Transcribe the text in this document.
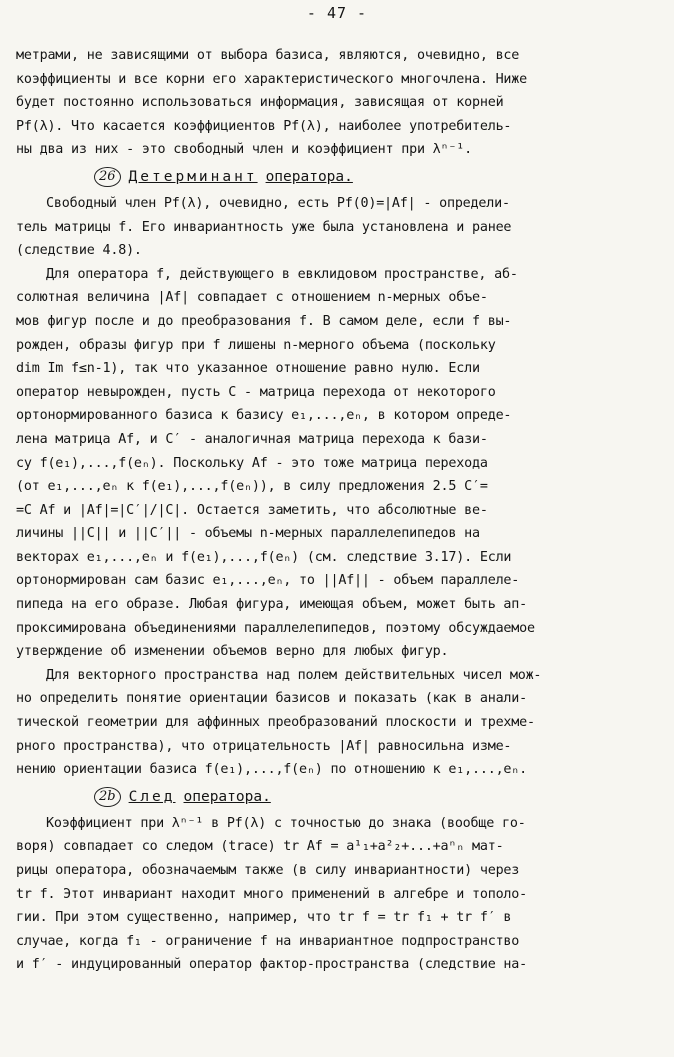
- 47 -
метрами, не зависящими от выбора базиса, являются, очевидно, все
коэффициенты и все корни его характеристического многочлена. Ниже
будет постоянно использоваться информация, зависящая от корней
Pf(λ). Что касается коэффициентов Pf(λ), наиболее употребитель-
ны два из них - это свободный член и коэффициент при λⁿ⁻¹.
26 Детерминант оператора.
Свободный член Pf(λ), очевидно, есть Pf(0)=|Af| - определи-
тель матрицы f. Его инвариантность уже была установлена и ранее
(следствие 4.8).
Для оператора f, действующего в евклидовом пространстве, аб-
солютная величина |Af| совпадает с отношением n-мерных объе-
мов фигур после и до преобразования f. В самом деле, если f вы-
рожден, образы фигур при f лишены n-мерного объема (поскольку
dim Im f≤n-1), так что указанное отношение равно нулю. Если
оператор невырожден, пусть C - матрица перехода от некоторого
ортонормированного базиса к базису e₁,...,eₙ, в котором опреде-
лена матрица Af, и C′ - аналогичная матрица перехода к бази-
су f(e₁),...,f(eₙ). Поскольку Af - это тоже матрица перехода
(от e₁,...,eₙ к f(e₁),...,f(eₙ)), в силу предложения 2.5 C′=
=C Af и |Af|=|C′|/|C|. Остается заметить, что абсолютные ве-
личины ||C|| и ||C′|| - объемы n-мерных параллелепипедов на
векторах e₁,...,eₙ и f(e₁),...,f(eₙ) (см. следствие 3.17). Если
ортонормирован сам базис e₁,...,eₙ, то ||Af|| - объем параллеле-
пипеда на его образе. Любая фигура, имеющая объем, может быть ап-
проксимирована объединениями параллелепипедов, поэтому обсуждаемое
утверждение об изменении объемов верно для любых фигур.
Для векторного пространства над полем действительных чисел мож-
но определить понятие ориентации базисов и показать (как в анали-
тической геометрии для аффинных преобразований плоскости и трехме-
рного пространства), что отрицательность |Af| равносильна изме-
нению ориентации базиса f(e₁),...,f(eₙ) по отношению к e₁,...,eₙ.
2b След оператора.
Коэффициент при λⁿ⁻¹ в Pf(λ) с точностью до знака (вообще го-
воря) совпадает со следом (trace) tr Af = a¹₁+a²₂+...+aⁿₙ мат-
рицы оператора, обозначаемым также (в силу инвариантности) через
tr f. Этот инвариант находит много применений в алгебре и тополо-
гии. При этом существенно, например, что tr f = tr f₁ + tr f′ в
случае, когда f₁ - ограничение f на инвариантное подпространство
и f′ - индуцированный оператор фактор-пространства (следствие на-
